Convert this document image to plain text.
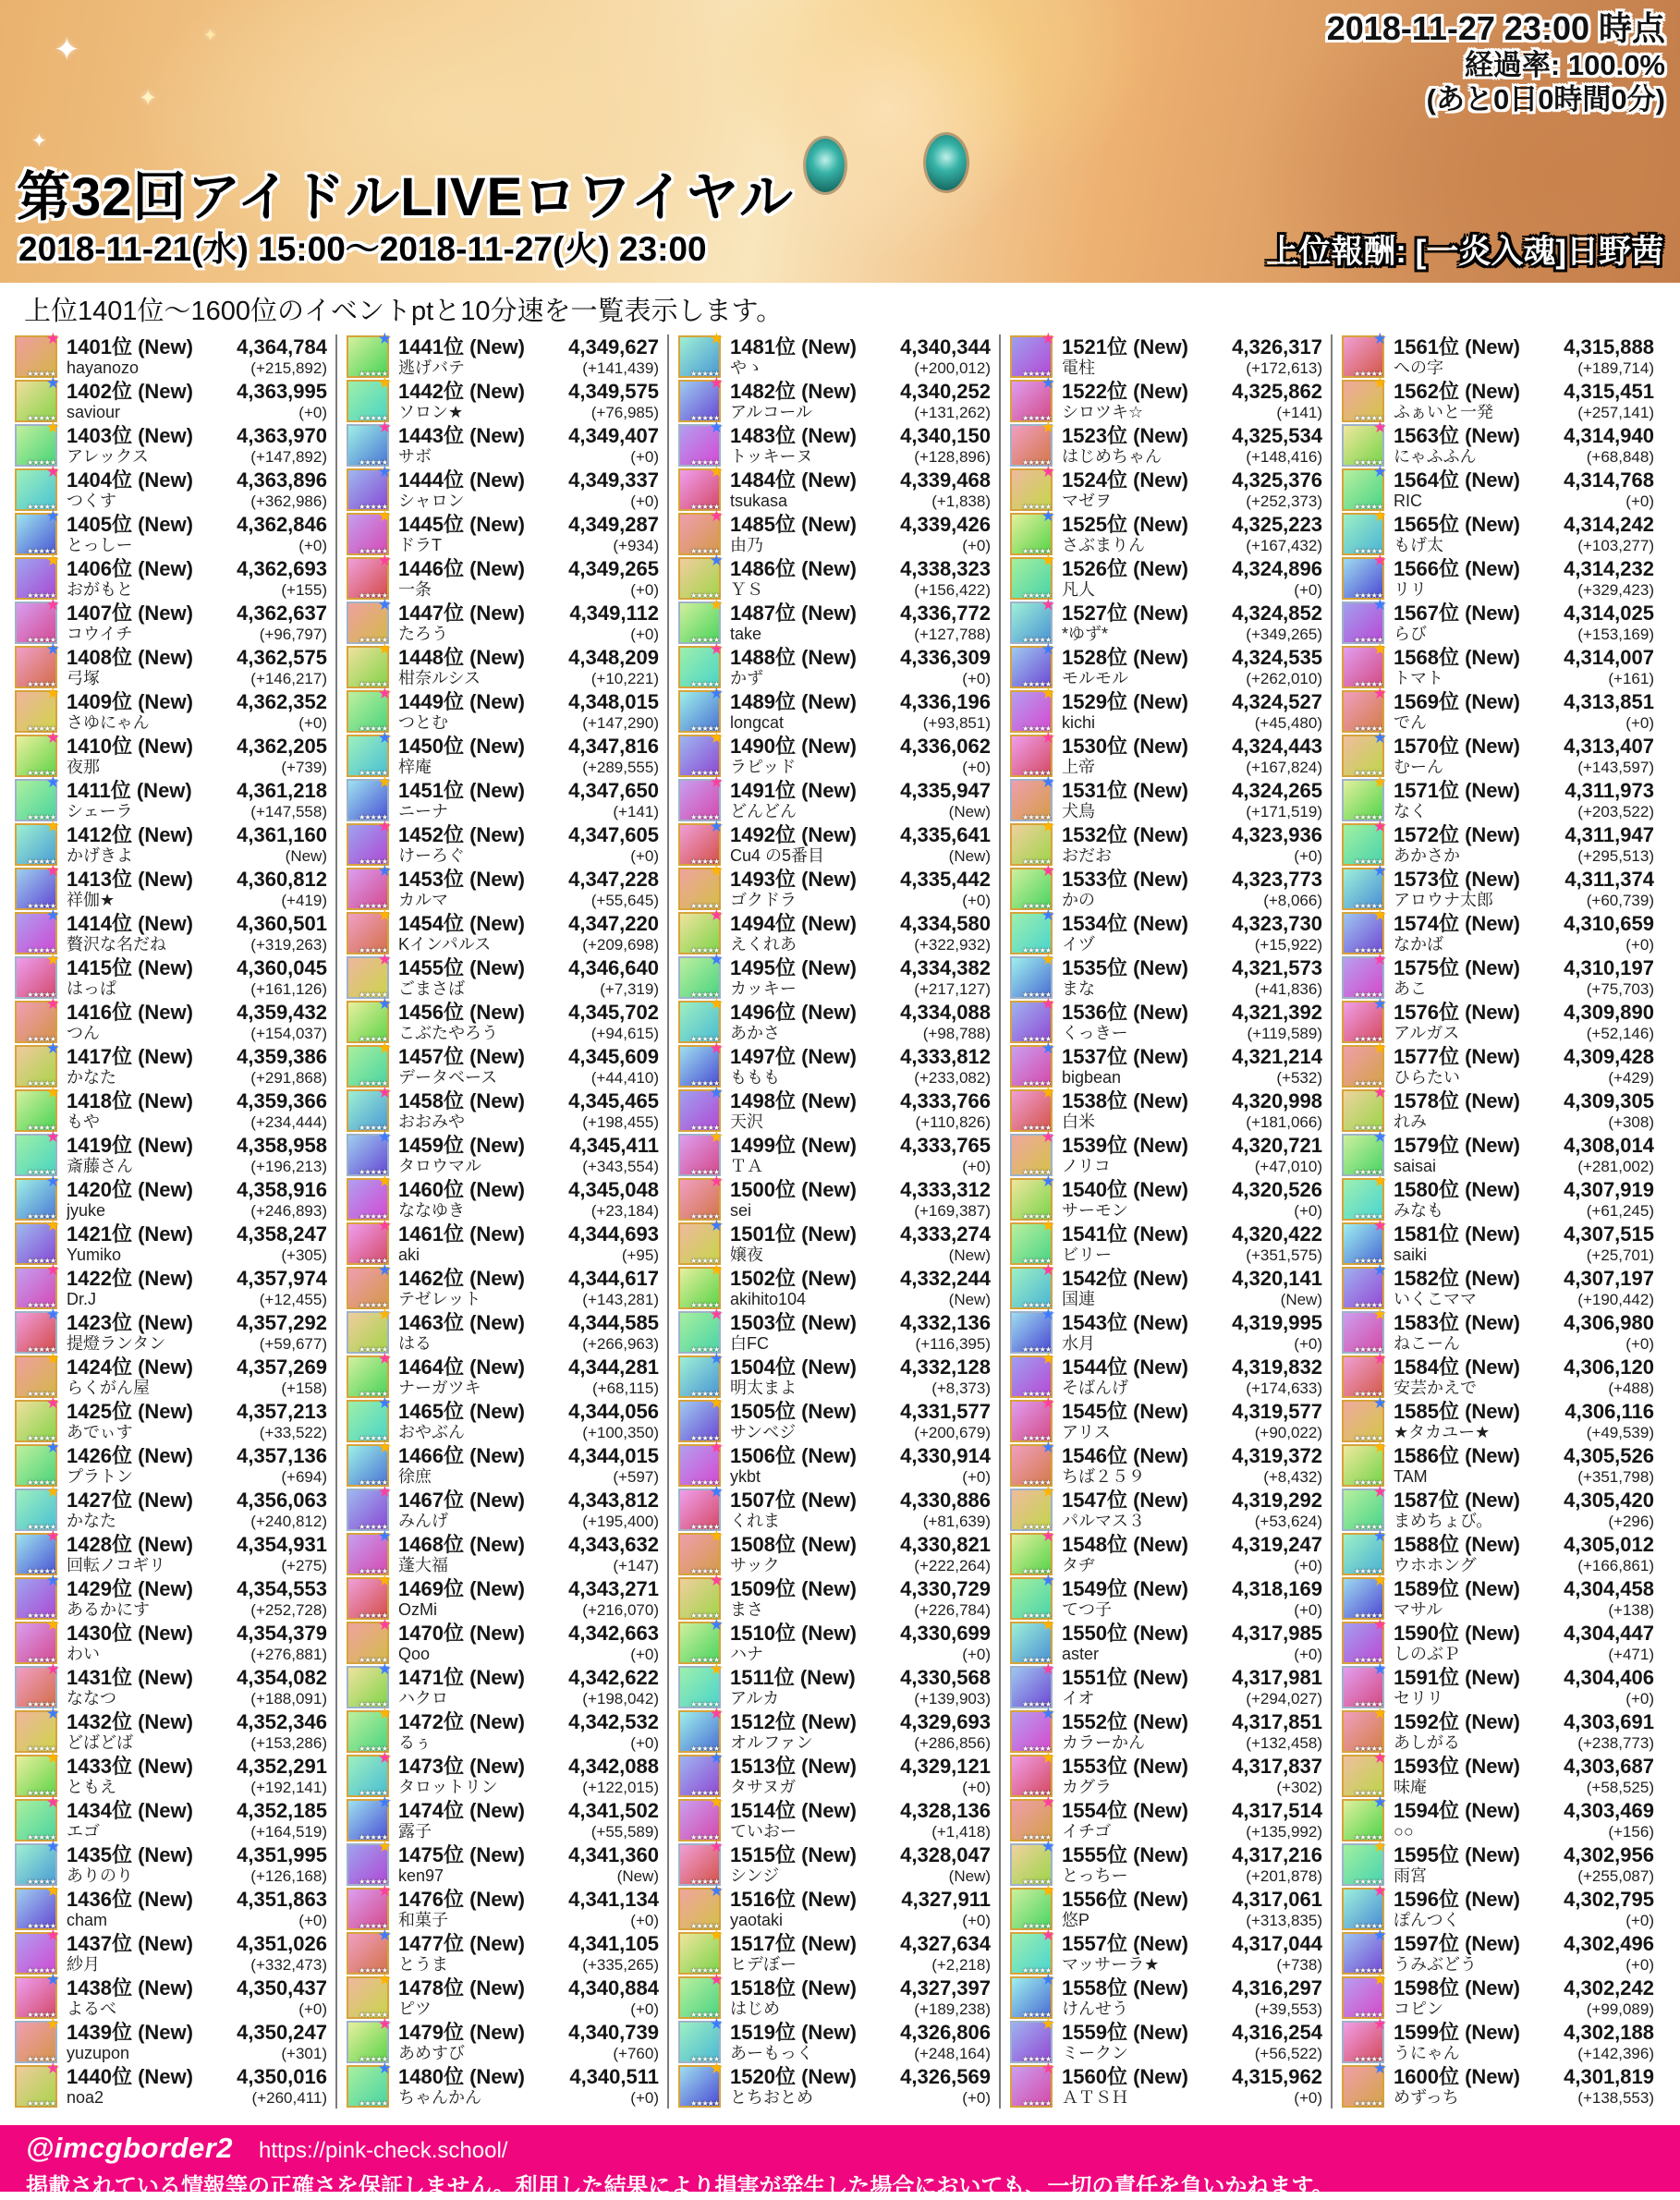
✦
✦
✦
✦	2018-11-27 23:00 時点
経過率: 100.0%
(あと0日0時間0分)
第32回アイドルLIVEロワイヤル
2018-11-21(水) 15:00～2018-11-27(火) 23:00	上位報酬: [一炎入魂]日野茜
上位1401位～1600位のイベントptと10分速を一覧表示します。
★
★★★★★
1401位 (New)
hayanozo
4,364,784
(+215,892)
★
★★★★★
1402位 (New)
saviour
4,363,995
(+0)
★
★★★★★
1403位 (New)
アレックス
4,363,970
(+147,892)
★
★★★★★
1404位 (New)
つくす
4,363,896
(+362,986)
★
★★★★★
1405位 (New)
とっしー
4,362,846
(+0)
★
★★★★★
1406位 (New)
おがもと
4,362,693
(+155)
★
★★★★★
1407位 (New)
コウイチ
4,362,637
(+96,797)
★
★★★★★
1408位 (New)
弓塚
4,362,575
(+146,217)
★
★★★★★
1409位 (New)
さゆにゃん
4,362,352
(+0)
★
★★★★★
1410位 (New)
夜那
4,362,205
(+739)
★
★★★★★
1411位 (New)
シェーラ
4,361,218
(+147,558)
★
★★★★★
1412位 (New)
かげきよ
4,361,160
(New)
★
★★★★★
1413位 (New)
祥伽★
4,360,812
(+419)
★
★★★★★
1414位 (New)
贅沢な名だね
4,360,501
(+319,263)
★
★★★★★
1415位 (New)
はっぱ
4,360,045
(+161,126)
★
★★★★★
1416位 (New)
つん
4,359,432
(+154,037)
★
★★★★★
1417位 (New)
かなた
4,359,386
(+291,868)
★
★★★★★
1418位 (New)
もや
4,359,366
(+234,444)
★
★★★★★
1419位 (New)
斎藤さん
4,358,958
(+196,213)
★
★★★★★
1420位 (New)
jyuke
4,358,916
(+246,893)
★
★★★★★
1421位 (New)
Yumiko
4,358,247
(+305)
★
★★★★★
1422位 (New)
Dr.J
4,357,974
(+12,455)
★
★★★★★
1423位 (New)
提燈ランタン
4,357,292
(+59,677)
★
★★★★★
1424位 (New)
らくがん屋
4,357,269
(+158)
★
★★★★★
1425位 (New)
あでぃす
4,357,213
(+33,522)
★
★★★★★
1426位 (New)
プラトン
4,357,136
(+694)
★
★★★★★
1427位 (New)
かなた
4,356,063
(+240,812)
★
★★★★★
1428位 (New)
回転ノコギリ
4,354,931
(+275)
★
★★★★★
1429位 (New)
あるかにす
4,354,553
(+252,728)
★
★★★★★
1430位 (New)
わい
4,354,379
(+276,881)
★
★★★★★
1431位 (New)
ななつ
4,354,082
(+188,091)
★
★★★★★
1432位 (New)
どばどば
4,352,346
(+153,286)
★
★★★★★
1433位 (New)
ともえ
4,352,291
(+192,141)
★
★★★★★
1434位 (New)
エゴ
4,352,185
(+164,519)
★
★★★★★
1435位 (New)
ありのり
4,351,995
(+126,168)
★
★★★★★
1436位 (New)
cham
4,351,863
(+0)
★
★★★★★
1437位 (New)
紗月
4,351,026
(+332,473)
★
★★★★★
1438位 (New)
よるべ
4,350,437
(+0)
★
★★★★★
1439位 (New)
yuzupon
4,350,247
(+301)
★
★★★★★
1440位 (New)
noa2
4,350,016
(+260,411)
★
★★★★★
1441位 (New)
逃げバテ
4,349,627
(+141,439)
★
★★★★★
1442位 (New)
ソロン★
4,349,575
(+76,985)
★
★★★★★
1443位 (New)
サボ
4,349,407
(+0)
★
★★★★★
1444位 (New)
シャロン
4,349,337
(+0)
★
★★★★★
1445位 (New)
ドラT
4,349,287
(+934)
★
★★★★★
1446位 (New)
一条
4,349,265
(+0)
★
★★★★★
1447位 (New)
たろう
4,349,112
(+0)
★
★★★★★
1448位 (New)
柑奈ルシス
4,348,209
(+10,221)
★
★★★★★
1449位 (New)
つとむ
4,348,015
(+147,290)
★
★★★★★
1450位 (New)
梓庵
4,347,816
(+289,555)
★
★★★★★
1451位 (New)
ニーナ
4,347,650
(+141)
★
★★★★★
1452位 (New)
けーろぐ
4,347,605
(+0)
★
★★★★★
1453位 (New)
カルマ
4,347,228
(+55,645)
★
★★★★★
1454位 (New)
Kインパルス
4,347,220
(+209,698)
★
★★★★★
1455位 (New)
ごまさば
4,346,640
(+7,319)
★
★★★★★
1456位 (New)
こぶたやろう
4,345,702
(+94,615)
★
★★★★★
1457位 (New)
データベース
4,345,609
(+44,410)
★
★★★★★
1458位 (New)
おおみや
4,345,465
(+198,455)
★
★★★★★
1459位 (New)
タロウマル
4,345,411
(+343,554)
★
★★★★★
1460位 (New)
ななゆき
4,345,048
(+23,184)
★
★★★★★
1461位 (New)
aki
4,344,693
(+95)
★
★★★★★
1462位 (New)
テゼレット
4,344,617
(+143,281)
★
★★★★★
1463位 (New)
はる
4,344,585
(+266,963)
★
★★★★★
1464位 (New)
ナーガツキ
4,344,281
(+68,115)
★
★★★★★
1465位 (New)
おやぶん
4,344,056
(+100,350)
★
★★★★★
1466位 (New)
徐庶
4,344,015
(+597)
★
★★★★★
1467位 (New)
みんげ
4,343,812
(+195,400)
★
★★★★★
1468位 (New)
蓬大福
4,343,632
(+147)
★
★★★★★
1469位 (New)
OzMi
4,343,271
(+216,070)
★
★★★★★
1470位 (New)
Qoo
4,342,663
(+0)
★
★★★★★
1471位 (New)
ハクロ
4,342,622
(+198,042)
★
★★★★★
1472位 (New)
るぅ
4,342,532
(+0)
★
★★★★★
1473位 (New)
タロットリン
4,342,088
(+122,015)
★
★★★★★
1474位 (New)
露子
4,341,502
(+55,589)
★
★★★★★
1475位 (New)
ken97
4,341,360
(New)
★
★★★★★
1476位 (New)
和菓子
4,341,134
(+0)
★
★★★★★
1477位 (New)
とうま
4,341,105
(+335,265)
★
★★★★★
1478位 (New)
ピツ
4,340,884
(+0)
★
★★★★★
1479位 (New)
あめすび
4,340,739
(+760)
★
★★★★★
1480位 (New)
ちゃんかん
4,340,511
(+0)
★
★★★★★
1481位 (New)
やゝ
4,340,344
(+200,012)
★
★★★★★
1482位 (New)
アルコール
4,340,252
(+131,262)
★
★★★★★
1483位 (New)
トッキーヌ
4,340,150
(+128,896)
★
★★★★★
1484位 (New)
tsukasa
4,339,468
(+1,838)
★
★★★★★
1485位 (New)
由乃
4,339,426
(+0)
★
★★★★★
1486位 (New)
ＹＳ
4,338,323
(+156,422)
★
★★★★★
1487位 (New)
take
4,336,772
(+127,788)
★
★★★★★
1488位 (New)
かず
4,336,309
(+0)
★
★★★★★
1489位 (New)
longcat
4,336,196
(+93,851)
★
★★★★★
1490位 (New)
ラピッド
4,336,062
(+0)
★
★★★★★
1491位 (New)
どんどん
4,335,947
(New)
★
★★★★★
1492位 (New)
Cu4 の5番目
4,335,641
(New)
★
★★★★★
1493位 (New)
ゴクドラ
4,335,442
(+0)
★
★★★★★
1494位 (New)
えくれあ
4,334,580
(+322,932)
★
★★★★★
1495位 (New)
カッキー
4,334,382
(+217,127)
★
★★★★★
1496位 (New)
あかさ
4,334,088
(+98,788)
★
★★★★★
1497位 (New)
ももも
4,333,812
(+233,082)
★
★★★★★
1498位 (New)
天沢
4,333,766
(+110,826)
★
★★★★★
1499位 (New)
ＴＡ
4,333,765
(+0)
★
★★★★★
1500位 (New)
sei
4,333,312
(+169,387)
★
★★★★★
1501位 (New)
嬢夜
4,333,274
(New)
★
★★★★★
1502位 (New)
akihito104
4,332,244
(New)
★
★★★★★
1503位 (New)
白FC
4,332,136
(+116,395)
★
★★★★★
1504位 (New)
明太まよ
4,332,128
(+8,373)
★
★★★★★
1505位 (New)
サンベジ
4,331,577
(+200,679)
★
★★★★★
1506位 (New)
ykbt
4,330,914
(+0)
★
★★★★★
1507位 (New)
くれま
4,330,886
(+81,639)
★
★★★★★
1508位 (New)
サック
4,330,821
(+222,264)
★
★★★★★
1509位 (New)
まさ
4,330,729
(+226,784)
★
★★★★★
1510位 (New)
ハナ
4,330,699
(+0)
★
★★★★★
1511位 (New)
アルカ
4,330,568
(+139,903)
★
★★★★★
1512位 (New)
オルファン
4,329,693
(+286,856)
★
★★★★★
1513位 (New)
タサヌガ
4,329,121
(+0)
★
★★★★★
1514位 (New)
ていおー
4,328,136
(+1,418)
★
★★★★★
1515位 (New)
シンジ
4,328,047
(New)
★
★★★★★
1516位 (New)
yaotaki
4,327,911
(+0)
★
★★★★★
1517位 (New)
ヒデぼー
4,327,634
(+2,218)
★
★★★★★
1518位 (New)
はじめ
4,327,397
(+189,238)
★
★★★★★
1519位 (New)
あーもっく
4,326,806
(+248,164)
★
★★★★★
1520位 (New)
とちおとめ
4,326,569
(+0)
★
★★★★★
1521位 (New)
電柱
4,326,317
(+172,613)
★
★★★★★
1522位 (New)
シロツキ☆
4,325,862
(+141)
★
★★★★★
1523位 (New)
はじめちゃん
4,325,534
(+148,416)
★
★★★★★
1524位 (New)
マゼヲ
4,325,376
(+252,373)
★
★★★★★
1525位 (New)
さぶまりん
4,325,223
(+167,432)
★
★★★★★
1526位 (New)
凡人
4,324,896
(+0)
★
★★★★★
1527位 (New)
*ゆず*
4,324,852
(+349,265)
★
★★★★★
1528位 (New)
モルモル
4,324,535
(+262,010)
★
★★★★★
1529位 (New)
kichi
4,324,527
(+45,480)
★
★★★★★
1530位 (New)
上帝
4,324,443
(+167,824)
★
★★★★★
1531位 (New)
犬鳥
4,324,265
(+171,519)
★
★★★★★
1532位 (New)
おだお
4,323,936
(+0)
★
★★★★★
1533位 (New)
かの
4,323,773
(+8,066)
★
★★★★★
1534位 (New)
イヅ
4,323,730
(+15,922)
★
★★★★★
1535位 (New)
まな
4,321,573
(+41,836)
★
★★★★★
1536位 (New)
くっきー
4,321,392
(+119,589)
★
★★★★★
1537位 (New)
bigbean
4,321,214
(+532)
★
★★★★★
1538位 (New)
白米
4,320,998
(+181,066)
★
★★★★★
1539位 (New)
ノリコ
4,320,721
(+47,010)
★
★★★★★
1540位 (New)
サーモン
4,320,526
(+0)
★
★★★★★
1541位 (New)
ビリー
4,320,422
(+351,575)
★
★★★★★
1542位 (New)
国連
4,320,141
(New)
★
★★★★★
1543位 (New)
水月
4,319,995
(+0)
★
★★★★★
1544位 (New)
そばんげ
4,319,832
(+174,633)
★
★★★★★
1545位 (New)
アリス
4,319,577
(+90,022)
★
★★★★★
1546位 (New)
ちば２５９
4,319,372
(+8,432)
★
★★★★★
1547位 (New)
パルマス３
4,319,292
(+53,624)
★
★★★★★
1548位 (New)
タヂ
4,319,247
(+0)
★
★★★★★
1549位 (New)
てつ子
4,318,169
(+0)
★
★★★★★
1550位 (New)
aster
4,317,985
(+0)
★
★★★★★
1551位 (New)
イオ
4,317,981
(+294,027)
★
★★★★★
1552位 (New)
カラーかん
4,317,851
(+132,458)
★
★★★★★
1553位 (New)
カグラ
4,317,837
(+302)
★
★★★★★
1554位 (New)
イチゴ
4,317,514
(+135,992)
★
★★★★★
1555位 (New)
とっちー
4,317,216
(+201,878)
★
★★★★★
1556位 (New)
悠P
4,317,061
(+313,835)
★
★★★★★
1557位 (New)
マッサーラ★
4,317,044
(+738)
★
★★★★★
1558位 (New)
けんせう
4,316,297
(+39,553)
★
★★★★★
1559位 (New)
ミークン
4,316,254
(+56,522)
★
★★★★★
1560位 (New)
ＡＴＳＨ
4,315,962
(+0)
★
★★★★★
1561位 (New)
への字
4,315,888
(+189,714)
★
★★★★★
1562位 (New)
ふぁいと一発
4,315,451
(+257,141)
★
★★★★★
1563位 (New)
にゃふふん
4,314,940
(+68,848)
★
★★★★★
1564位 (New)
RIC
4,314,768
(+0)
★
★★★★★
1565位 (New)
もげ太
4,314,242
(+103,277)
★
★★★★★
1566位 (New)
リリ
4,314,232
(+329,423)
★
★★★★★
1567位 (New)
らび
4,314,025
(+153,169)
★
★★★★★
1568位 (New)
トマト
4,314,007
(+161)
★
★★★★★
1569位 (New)
でん
4,313,851
(+0)
★
★★★★★
1570位 (New)
むーん
4,313,407
(+143,597)
★
★★★★★
1571位 (New)
なく
4,311,973
(+203,522)
★
★★★★★
1572位 (New)
あかさか
4,311,947
(+295,513)
★
★★★★★
1573位 (New)
アロウナ太郎
4,311,374
(+60,739)
★
★★★★★
1574位 (New)
なかば
4,310,659
(+0)
★
★★★★★
1575位 (New)
あこ
4,310,197
(+75,703)
★
★★★★★
1576位 (New)
アルガス
4,309,890
(+52,146)
★
★★★★★
1577位 (New)
ひらたい
4,309,428
(+429)
★
★★★★★
1578位 (New)
れみ
4,309,305
(+308)
★
★★★★★
1579位 (New)
saisai
4,308,014
(+281,002)
★
★★★★★
1580位 (New)
みなも
4,307,919
(+61,245)
★
★★★★★
1581位 (New)
saiki
4,307,515
(+25,701)
★
★★★★★
1582位 (New)
いくこママ
4,307,197
(+190,442)
★
★★★★★
1583位 (New)
ねこーん
4,306,980
(+0)
★
★★★★★
1584位 (New)
安芸かえで
4,306,120
(+488)
★
★★★★★
1585位 (New)
★タカユー★
4,306,116
(+49,539)
★
★★★★★
1586位 (New)
TAM
4,305,526
(+351,798)
★
★★★★★
1587位 (New)
まめちょび。
4,305,420
(+296)
★
★★★★★
1588位 (New)
ウホホング
4,305,012
(+166,861)
★
★★★★★
1589位 (New)
マサル
4,304,458
(+138)
★
★★★★★
1590位 (New)
しのぶＰ
4,304,447
(+471)
★
★★★★★
1591位 (New)
セリリ
4,304,406
(+0)
★
★★★★★
1592位 (New)
あしがる
4,303,691
(+238,773)
★
★★★★★
1593位 (New)
味庵
4,303,687
(+58,525)
★
★★★★★
1594位 (New)
○○
4,303,469
(+156)
★
★★★★★
1595位 (New)
雨宮
4,302,956
(+255,087)
★
★★★★★
1596位 (New)
ぽんつく
4,302,795
(+0)
★
★★★★★
1597位 (New)
うみぶどう
4,302,496
(+0)
★
★★★★★
1598位 (New)
コピン
4,302,242
(+99,089)
★
★★★★★
1599位 (New)
うにゃん
4,302,188
(+142,396)
★
★★★★★
1600位 (New)
めずっち
4,301,819
(+138,553)
@imcgborder2 https://pink-check.school/
掲載されている情報等の正確さを保証しません。利用した結果により損害が発生した場合においても、一切の責任を負いかねます。
